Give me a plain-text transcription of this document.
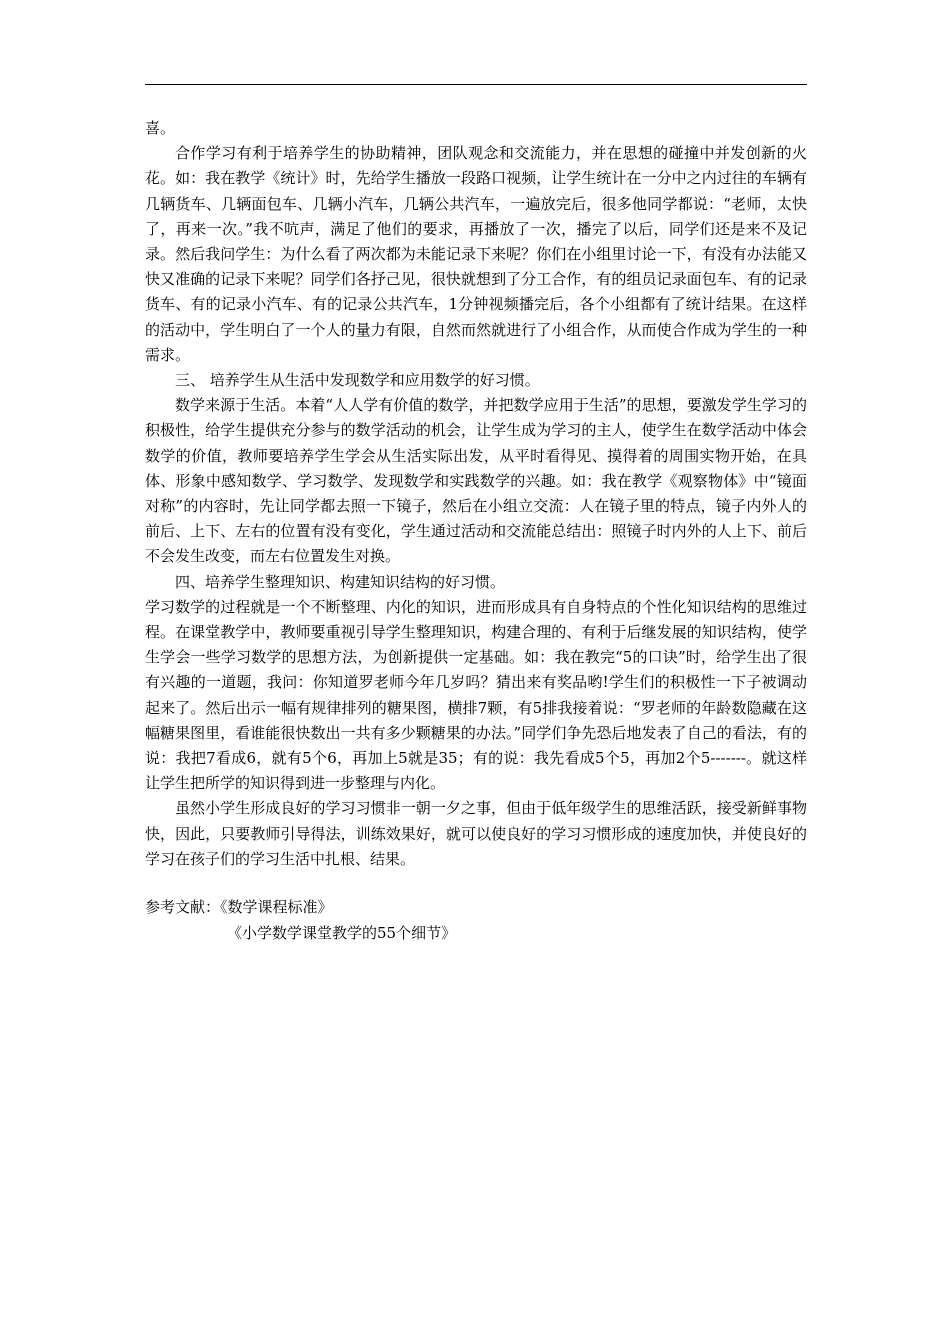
喜。

合作学习有利于培养学生的协助精神，团队观念和交流能力，并在思想的碰撞中并发创新的火花。如：我在教学《统计》时，先给学生播放一段路口视频，让学生统计在一分中之内过往的车辆有几辆货车、几辆面包车、几辆小汽车，几辆公共汽车，一遍放完后，很多他同学都说：“老师，太快了，再来一次。”我不吭声，满足了他们的要求，再播放了一次，播完了以后，同学们还是来不及记录。然后我问学生：为什么看了两次都为未能记录下来呢？你们在小组里讨论一下，有没有办法能又快又准确的记录下来呢？同学们各抒己见，很快就想到了分工合作，有的组员记录面包车、有的记录货车、有的记录小汽车、有的记录公共汽车，1分钟视频播完后，各个小组都有了统计结果。在这样的活动中，学生明白了一个人的量力有限，自然而然就进行了小组合作，从而使合作成为学生的一种需求。

三、 培养学生从生活中发现数学和应用数学的好习惯。

数学来源于生活。本着“人人学有价值的数学，并把数学应用于生活”的思想，要激发学生学习的积极性，给学生提供充分参与的数学活动的机会，让学生成为学习的主人，使学生在数学活动中体会数学的价值，教师要培养学生学会从生活实际出发，从平时看得见、摸得着的周围实物开始，在具体、形象中感知数学、学习数学、发现数学和实践数学的兴趣。如：我在教学《观察物体》中“镜面对称”的内容时，先让同学都去照一下镜子，然后在小组立交流：人在镜子里的特点，镜子内外人的前后、上下、左右的位置有没有变化，学生通过活动和交流能总结出：照镜子时内外的人上下、前后不会发生改变，而左右位置发生对换。

四、培养学生整理知识、构建知识结构的好习惯。

学习数学的过程就是一个不断整理、内化的知识，进而形成具有自身特点的个性化知识结构的思维过程。在课堂教学中，教师要重视引导学生整理知识，构建合理的、有利于后继发展的知识结构，使学生学会一些学习数学的思想方法，为创新提供一定基础。如：我在教完“5的口诀”时，给学生出了很有兴趣的一道题，我问：你知道罗老师今年几岁吗？猜出来有奖品哟!学生们的积极性一下子被调动起来了。然后出示一幅有规律排列的糖果图，横排7颗，有5排我接着说：“罗老师的年龄数隐藏在这幅糖果图里，看谁能很快数出一共有多少颗糖果的办法。”同学们争先恐后地发表了自己的看法，有的说：我把7看成6，就有5个6，再加上5就是35；有的说：我先看成5个5，再加2个5-------。就这样让学生把所学的知识得到进一步整理与内化。

虽然小学生形成良好的学习习惯非一朝一夕之事，但由于低年级学生的思维活跃，接受新鲜事物快，因此，只要教师引导得法，训练效果好，就可以使良好的学习习惯形成的速度加快，并使良好的学习在孩子们的学习生活中扎根、结果。

参考文献：《数学课程标准》

《小学数学课堂教学的55个细节》
